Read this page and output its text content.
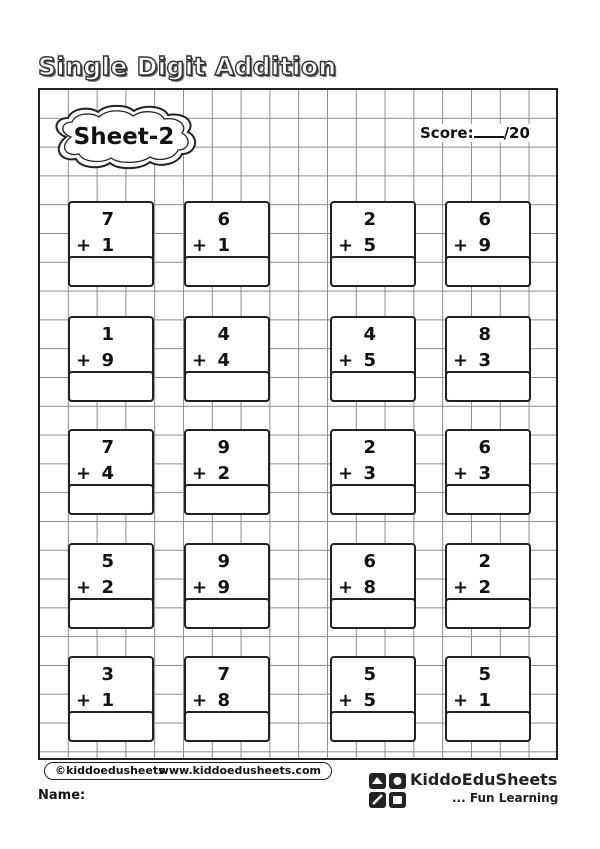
Single Digit Addition
Sheet-2	Score: /20
7
+ 1
6
+ 1
2
+ 5
6
+ 9
1
+ 9
4
+ 4
4
+ 5
8
+ 3
7
+ 4
9
+ 2
2
+ 3
6
+ 3
5
+ 2
9
+ 9
6
+ 8
2
+ 2
3
+ 1
7
+ 8
5
+ 5
5
+ 1
©kiddoedusheets
www.kiddoedusheets.com
Name:
KiddoEduSheets
... Fun Learning
